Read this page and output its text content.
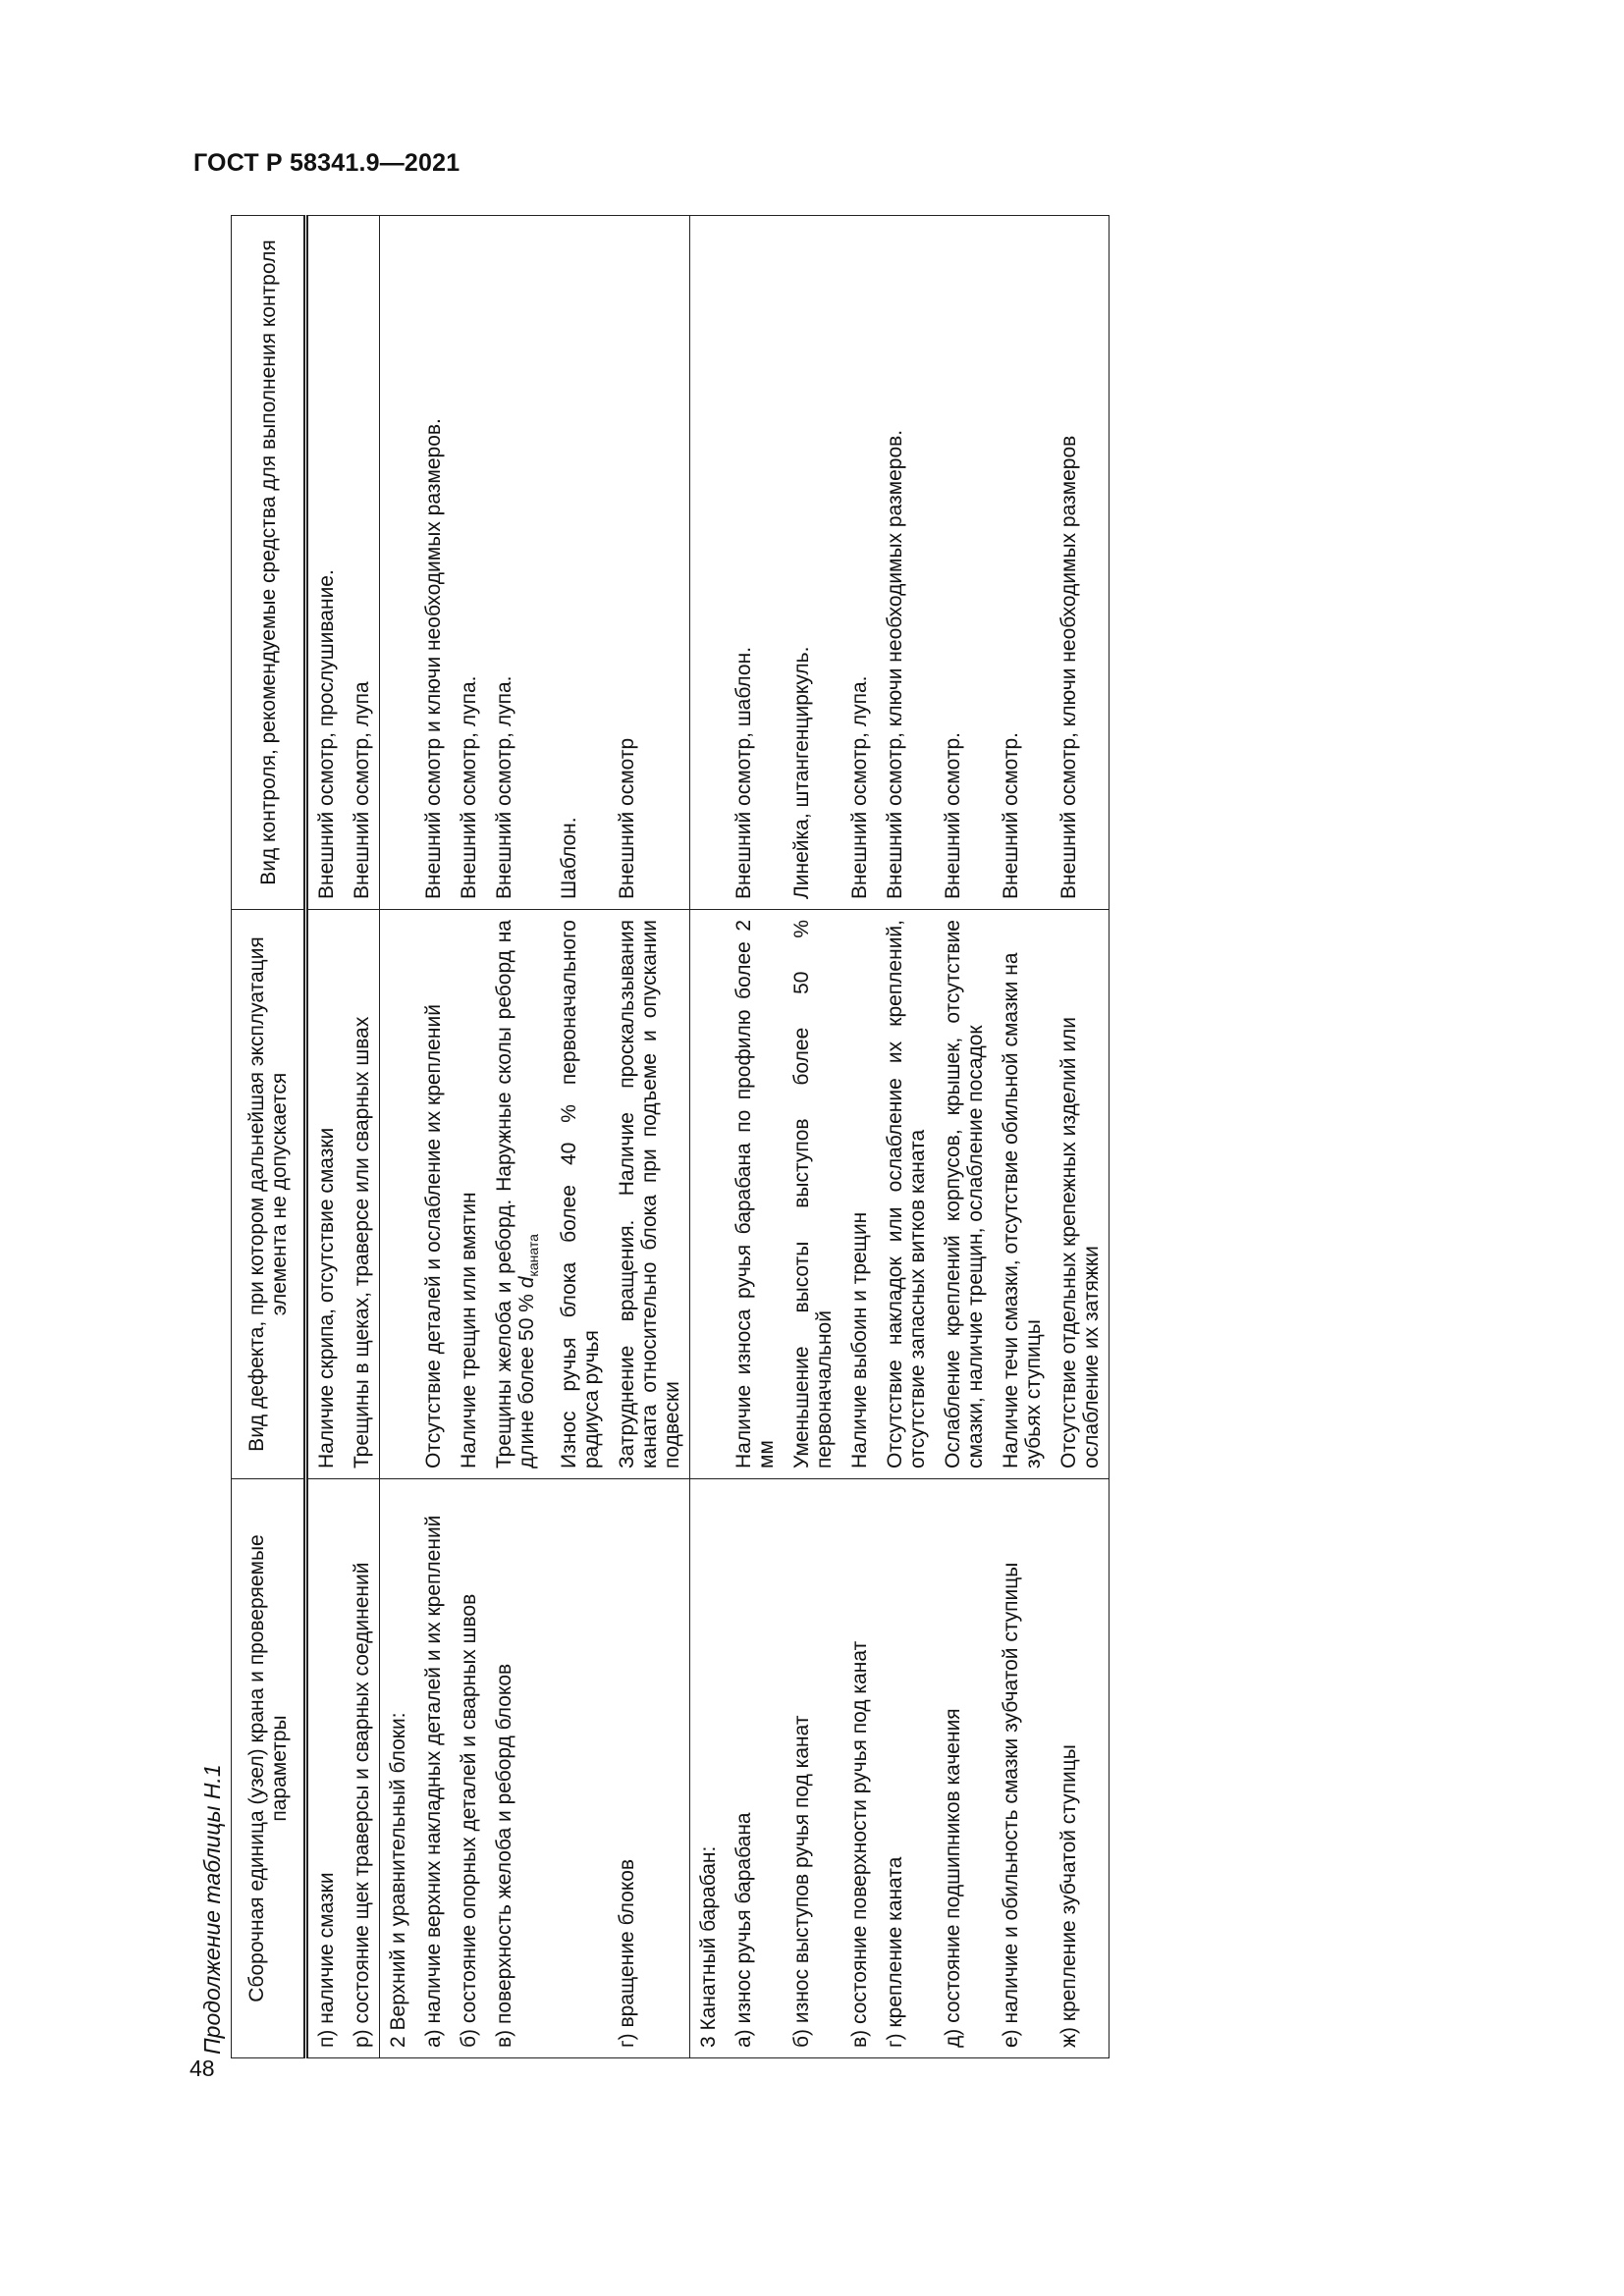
ГОСТ Р 58341.9—2021
48
Продолжение таблицы Н.1 Сборочная единица (узел) крана и проверяемые параметры	Вид дефекта, при котором дальнейшая эксплуатация элемента не допускается	Вид контроля, рекомендуемые средства для выполнения контроля
п) наличие смазки	Наличие скрипа, отсутствие смазки	Внешний осмотр, прослушивание.
р) состояние щек траверсы и сварных соединений	Трещины в щеках, траверсе или сварных швах	Внешний осмотр, лупа
2 Верхний и уравнительный блоки:		
а) наличие верхних накладных деталей и их креплений	Отсутствие деталей и ослабление их креплений	Внешний осмотр и ключи необходимых размеров.
б) состояние опорных деталей и сварных швов	Наличие трещин или вмятин	Внешний осмотр, лупа.
в) поверхность желоба и реборд блоков	Трещины желоба и реборд. Наружные сколы реборд на длине более 50 % $d_{каната}$	Внешний осмотр, лупа.
	Износ ручья блока более 40 % первоначального радиуса ручья	Шаблон.
г) вращение блоков	Затруднение вращения. Наличие проскальзывания каната относительно блока при подъеме и опускании подвески	Внешний осмотр
3 Канатный барабан:		
а) износ ручья барабана	Наличие износа ручья барабана по профилю более 2 мм	Внешний осмотр, шаблон.
б) износ выступов ручья под канат	Уменьшение высоты выступов более 50 % первоначальной	Линейка, штангенциркуль.
в) состояние поверхности ручья под канат	Наличие выбоин и трещин	Внешний осмотр, лупа.
г) крепление каната	Отсутствие накладок или ослабление их креплений, отсутствие запасных витков каната	Внешний осмотр, ключи необходимых размеров.
д) состояние подшипников качения	Ослабление креплений корпусов, крышек, отсутствие смазки, наличие трещин, ослабление посадок	Внешний осмотр.
е) наличие и обильность смазки зубчатой ступицы	Наличие течи смазки, отсутствие обильной смазки на зубьях ступицы	Внешний осмотр.
ж) крепление зубчатой ступицы	Отсутствие отдельных крепежных изделий или ослабление их затяжки	Внешний осмотр, ключи необходимых размеров
